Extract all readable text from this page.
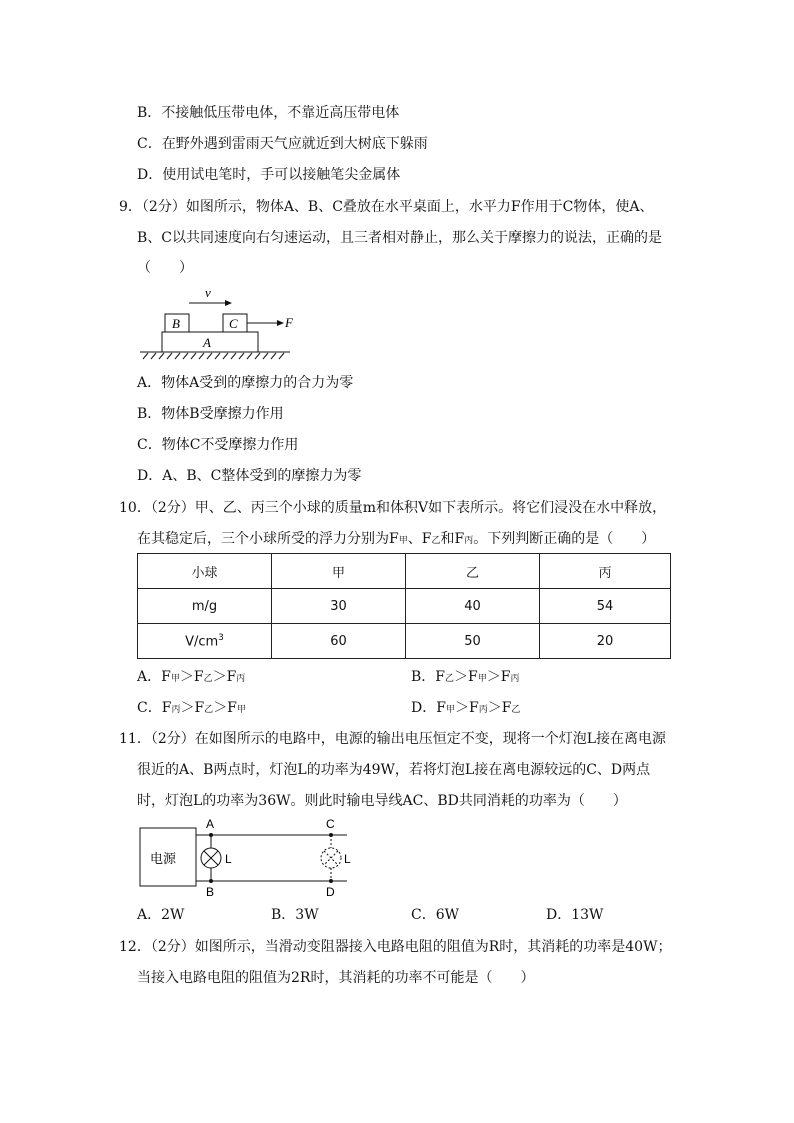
B．不接触低压带电体，不靠近高压带电体
C．在野外遇到雷雨天气应就近到大树底下躲雨
D．使用试电笔时，手可以接触笔尖金属体
9．（2分）如图所示，物体A、B、C叠放在水平桌面上，水平力F作用于C物体，使A、
B、C以共同速度向右匀速运动，且三者相对静止，那么关于摩擦力的说法，正确的是
（　　）
v
B	C	F
A
A．物体A受到的摩擦力的合力为零
B．物体B受摩擦力作用
C．物体C不受摩擦力作用
D．A、B、C整体受到的摩擦力为零
10．（2分）甲、乙、丙三个小球的质量m和体积V如下表所示。将它们浸没在水中释放，
在其稳定后，三个小球所受的浮力分别为F甲、F乙和F丙。下列判断正确的是（　　）
小球	甲	乙	丙
m/g	30	40	54
$V/cm^3$	60	50	20
A．F甲＞F乙＞F丙	B．F乙＞F甲＞F丙
C．F丙＞F乙＞F甲	D．F甲＞F丙＞F乙
11．（2分）在如图所示的电路中，电源的输出电压恒定不变，现将一个灯泡L接在离电源
很近的A、B两点时，灯泡L的功率为49W，若将灯泡L接在离电源较远的C、D两点
时，灯泡L的功率为36W。则此时输电导线AC、BD共同消耗的功率为（　　）
电源
A
B
C
D
L	L
A．2W	B．3W	C．6W	D．13W
12．（2分）如图所示，当滑动变阻器接入电路电阻的阻值为R时，其消耗的功率是40W；
当接入电路电阻的阻值为2R时，其消耗的功率不可能是（　　）
